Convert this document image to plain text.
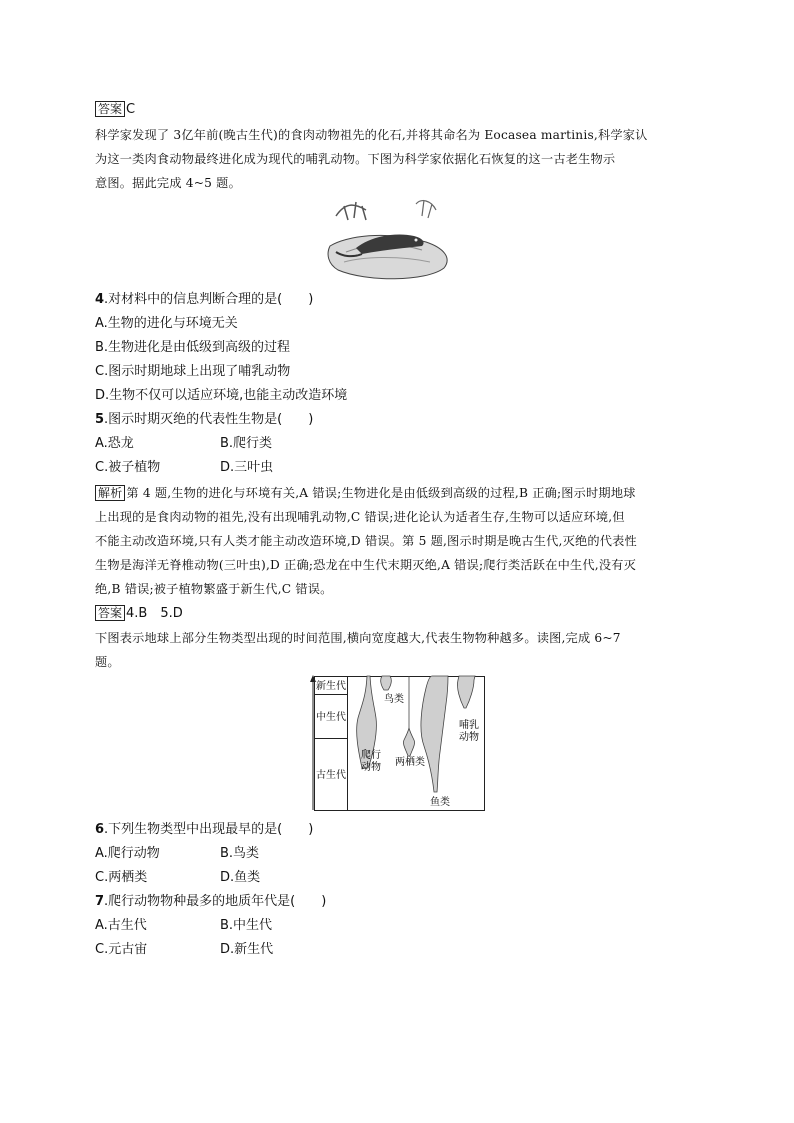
答案 C
科学家发现了 3亿年前(晚古生代)的食肉动物祖先的化石,并将其命名为 Eocasea martinis,科学家认
为这一类肉食动物最终进化成为现代的哺乳动物。下图为科学家依据化石恢复的这一古老生物示
意图。据此完成 4~5 题。
4.对材料中的信息判断合理的是(　　)
A.生物的进化与环境无关
B.生物进化是由低级到高级的过程
C.图示时期地球上出现了哺乳动物
D.生物不仅可以适应环境,也能主动改造环境
5.图示时期灭绝的代表性生物是(　　)
A.恐龙	B.爬行类
C.被子植物	D.三叶虫
解析 第 4 题,生物的进化与环境有关,A 错误;生物进化是由低级到高级的过程,B 正确;图示时期地球
上出现的是食肉动物的祖先,没有出现哺乳动物,C 错误;进化论认为适者生存,生物可以适应环境,但
不能主动改造环境,只有人类才能主动改造环境,D 错误。第 5 题,图示时期是晚古生代,灭绝的代表性
生物是海洋无脊椎动物(三叶虫),D 正确;恐龙在中生代末期灭绝,A 错误;爬行类活跃在中生代,没有灭
绝,B 错误;被子植物繁盛于新生代,C 错误。
答案 4.B　5.D
下图表示地球上部分生物类型出现的时间范围,横向宽度越大,代表生物物种越多。读图,完成 6~7
题。
新生代
中生代
古生代
鸟类
哺乳
动物
爬行
动物 两栖类
鱼类
6.下列生物类型中出现最早的是(　　)
A.爬行动物	B.鸟类
C.两栖类	D.鱼类
7.爬行动物物种最多的地质年代是(　　)
A.古生代	B.中生代
C.元古宙	D.新生代
